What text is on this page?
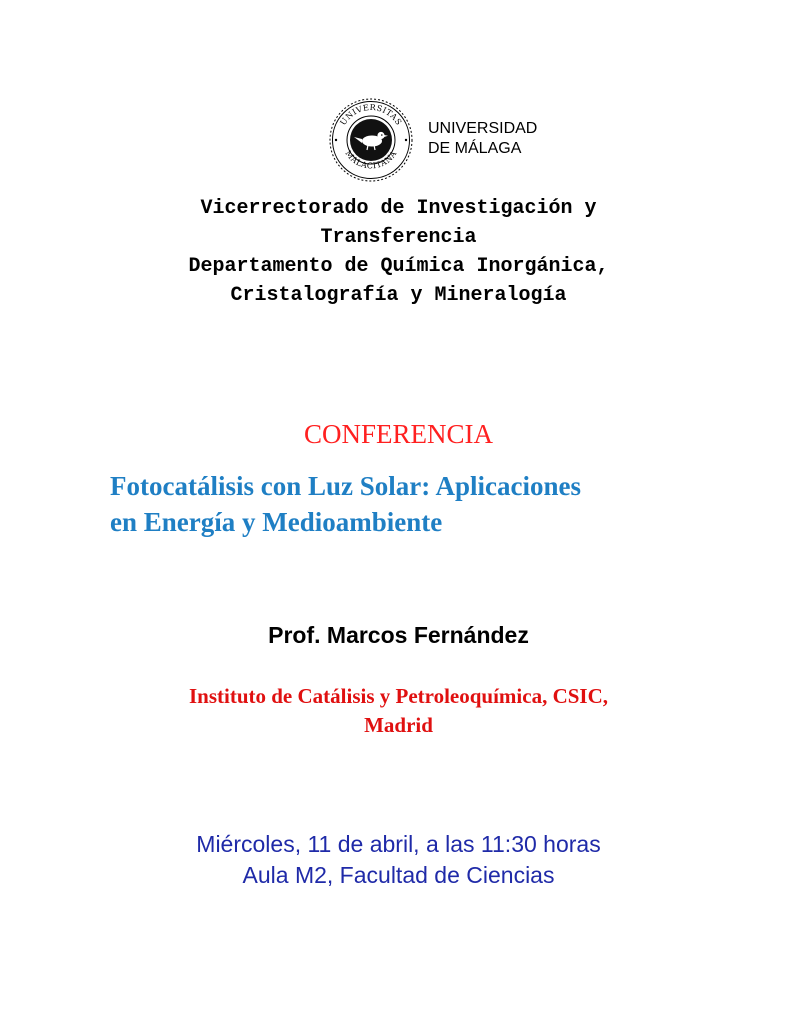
UNIVERSITAS
MALACITANA
UNIVERSIDAD
DE MÁLAGA
Vicerrectorado de Investigación y
Transferencia
Departamento de Química Inorgánica,
Cristalografía y Mineralogía
CONFERENCIA
Fotocatálisis con Luz Solar: Aplicaciones
en Energía y Medioambiente
Prof. Marcos Fernández
Instituto de Catálisis y Petroleoquímica, CSIC,
Madrid
Miércoles, 11 de abril, a las 11:30 horas
Aula M2, Facultad de Ciencias
